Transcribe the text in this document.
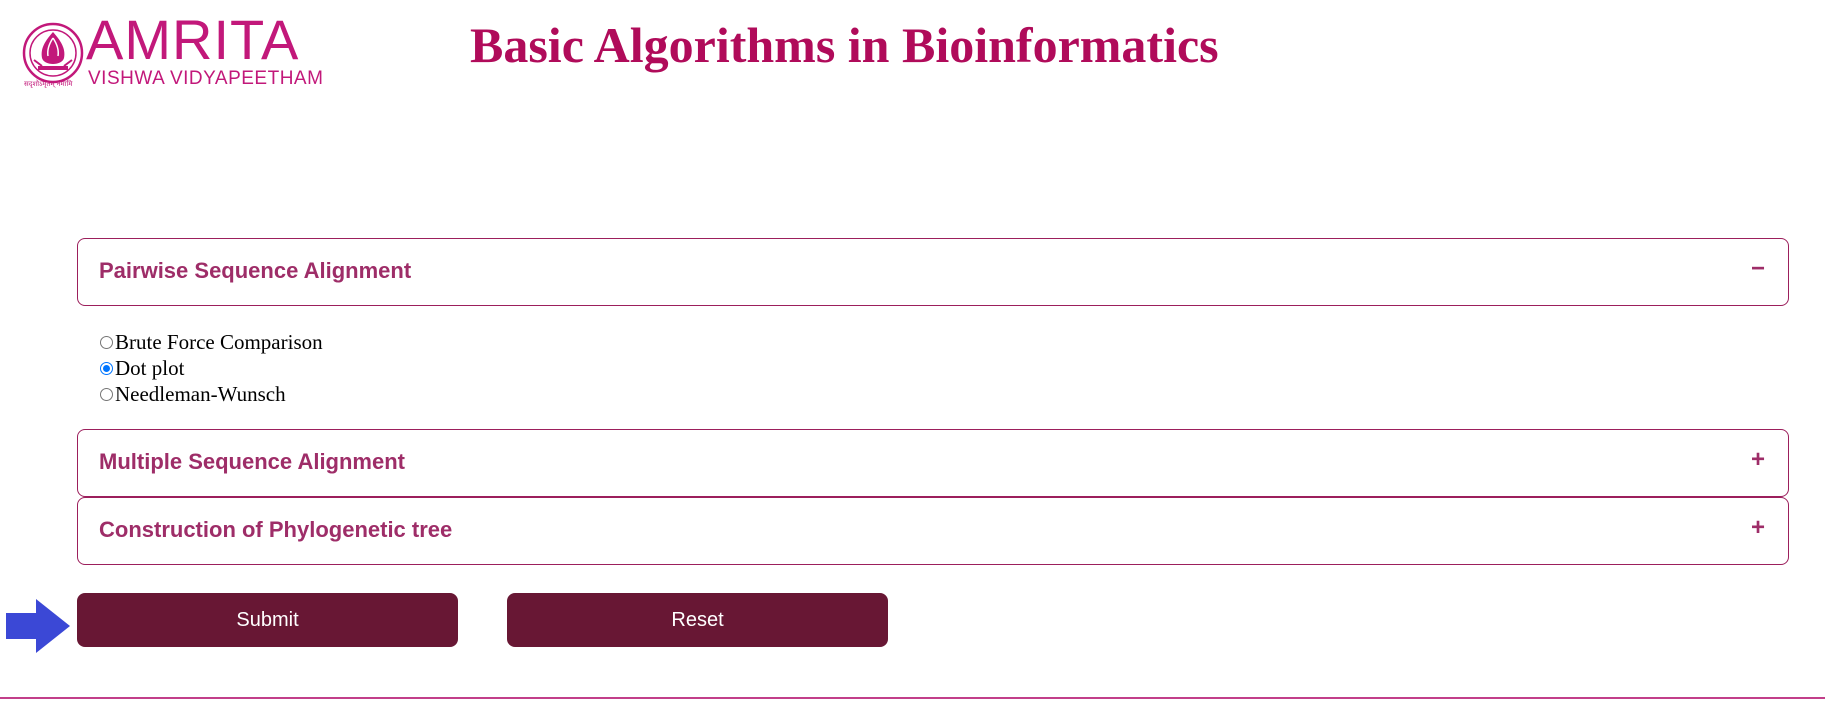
AMRITA
VISHWA VIDYAPEETHAM
सदृशोऽमृतम् नमामि
Basic Algorithms in Bioinformatics
Pairwise Sequence Alignment	−
Brute Force Comparison
Dot plot
Needleman-Wunsch
Multiple Sequence Alignment	+
Construction of Phylogenetic tree	+
Submit	Reset
